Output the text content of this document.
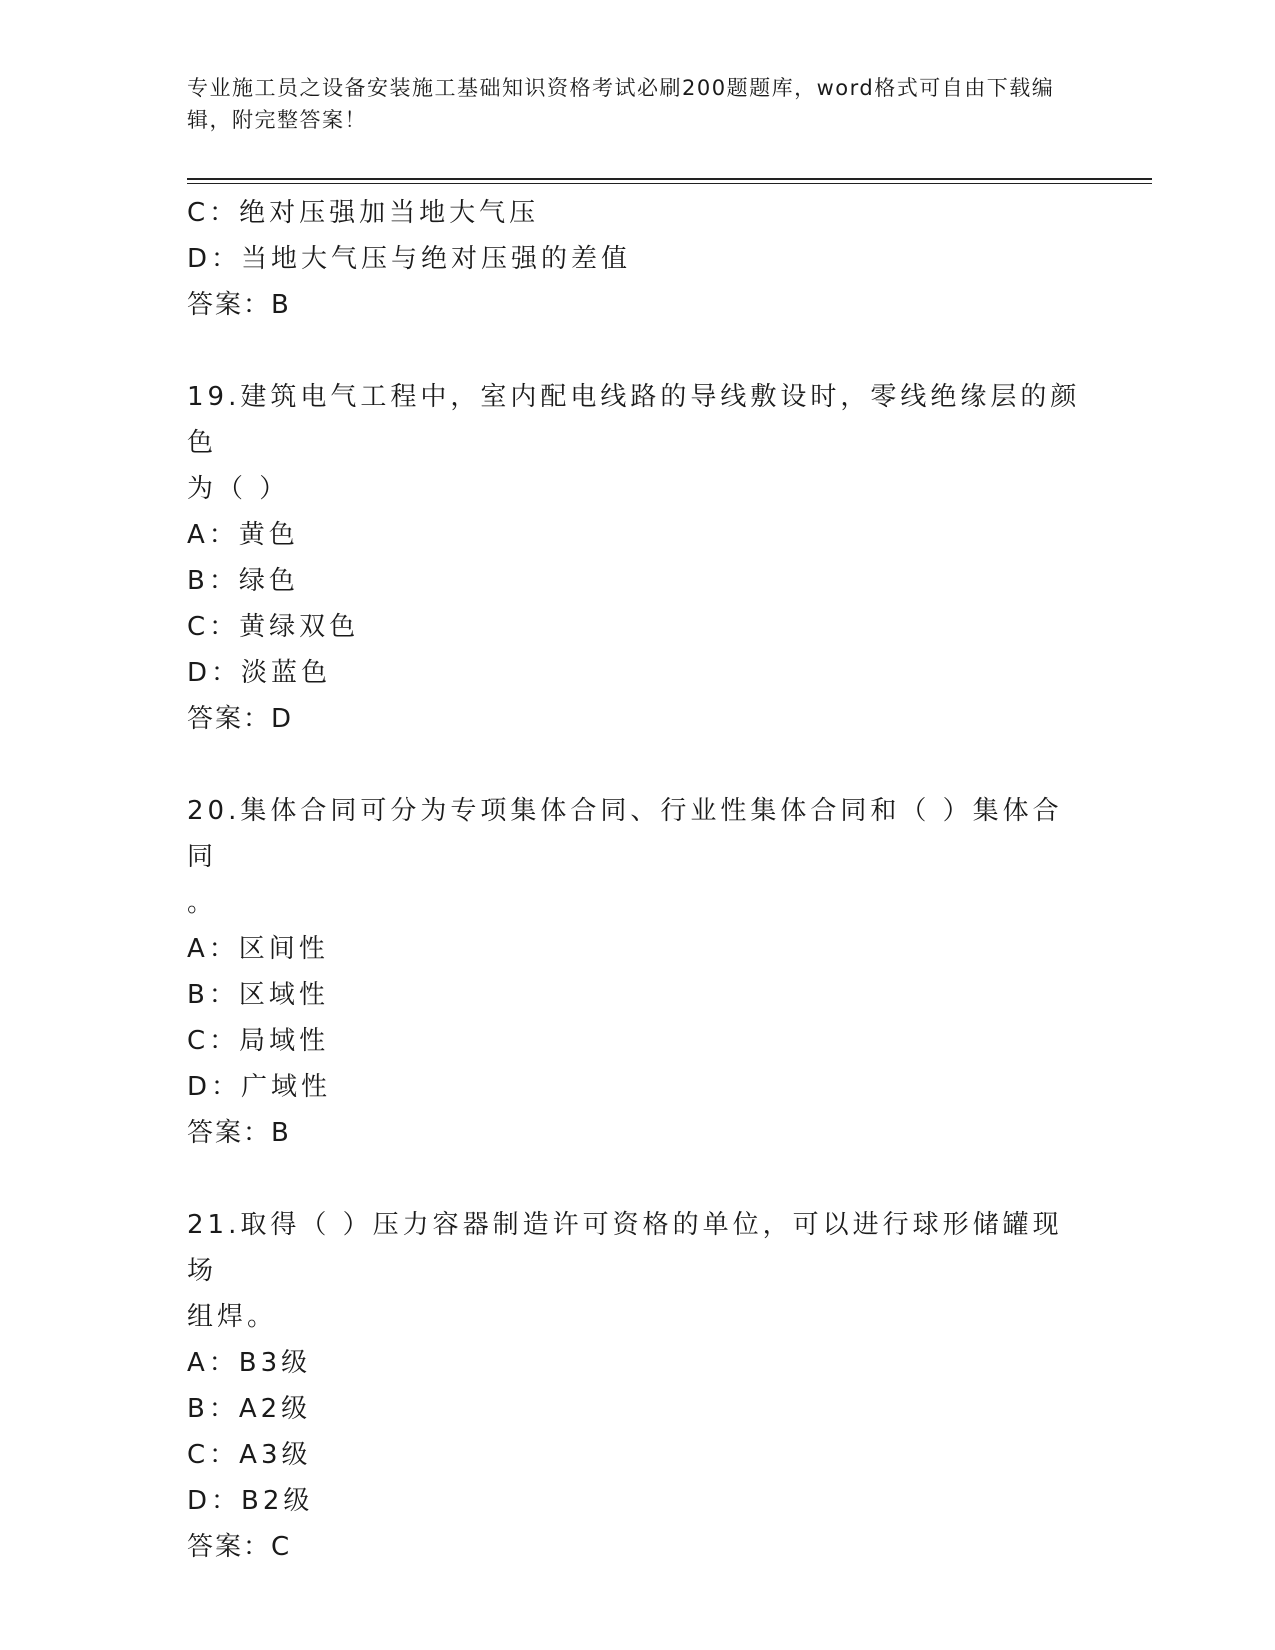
专业施工员之设备安装施工基础知识资格考试必刷200题题库，word格式可自由下载编辑，附完整答案！
C：绝对压强加当地大气压
D：当地大气压与绝对压强的差值
答案：B
19.建筑电气工程中，室内配电线路的导线敷设时，零线绝缘层的颜色
为（ ）
A：黄色
B：绿色
C：黄绿双色
D：淡蓝色
答案：D
20.集体合同可分为专项集体合同、行业性集体合同和（ ）集体合同
。
A：区间性
B：区域性
C：局域性
D：广域性
答案：B
21.取得（ ）压力容器制造许可资格的单位，可以进行球形储罐现场
组焊。
A：B3级
B：A2级
C：A3级
D：B2级
答案：C
